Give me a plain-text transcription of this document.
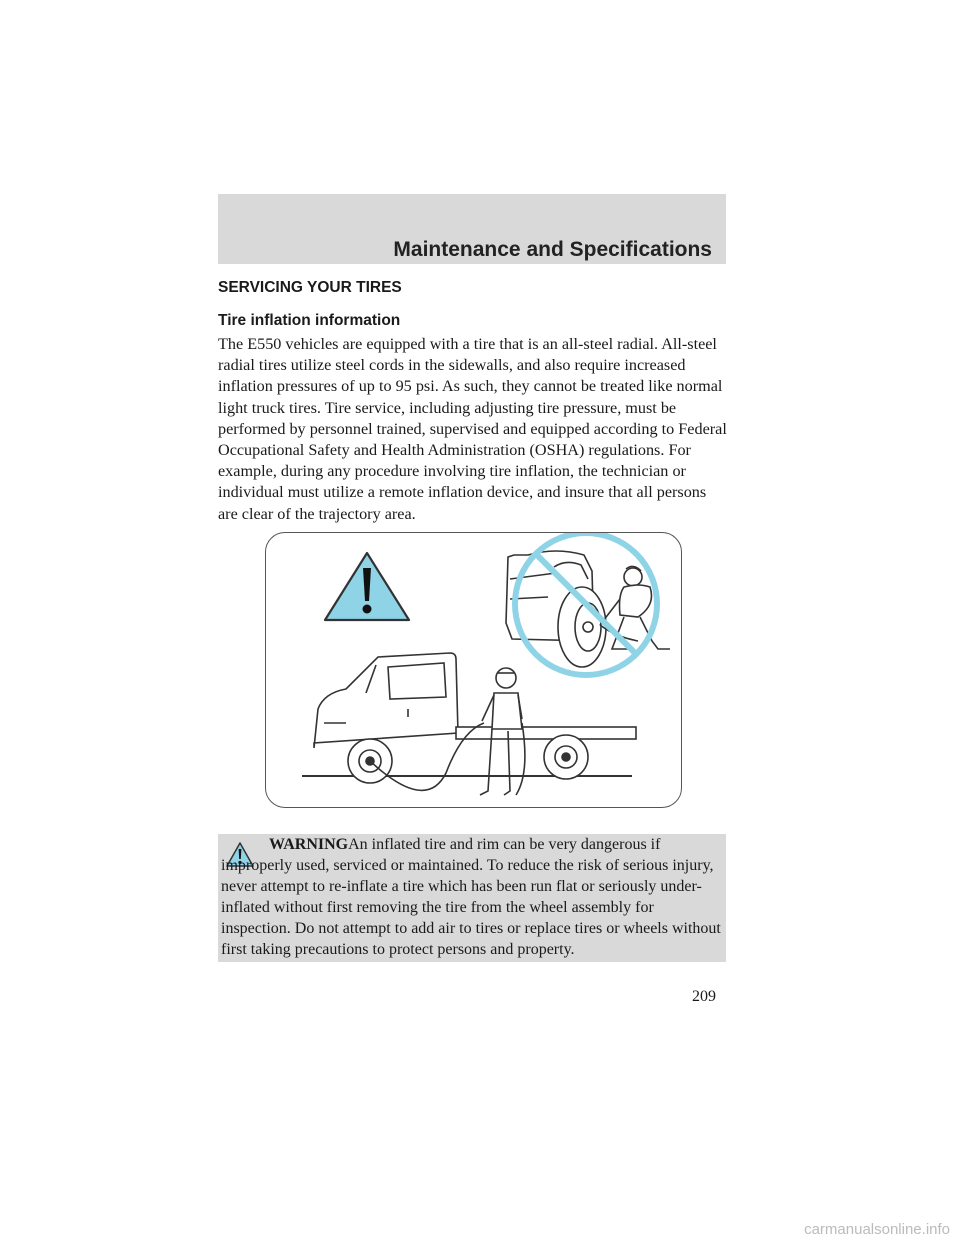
Maintenance and Specifications
SERVICING YOUR TIRES
Tire inflation information

The E550 vehicles are equipped with a tire that is an all-steel radial. All-steel radial tires utilize steel cords in the sidewalls, and also require increased inflation pressures of up to 95 psi. As such, they cannot be treated like normal light truck tires. Tire service, including adjusting tire pressure, must be performed by personnel trained, supervised and equipped according to Federal Occupational Safety and Health Administration (OSHA) regulations. For example, during any procedure involving tire inflation, the technician or individual must utilize a remote inflation device, and insure that all persons are clear of the trajectory area.

WARNINGAn inflated tire and rim can be very dangerous if improperly used, serviced or maintained. To reduce the risk of serious injury, never attempt to re-inflate a tire which has been run flat or seriously under-inflated without first removing the tire from the wheel assembly for inspection. Do not attempt to add air to tires or replace tires or wheels without first taking precautions to protect persons and property.

209

carmanualsonline.info
